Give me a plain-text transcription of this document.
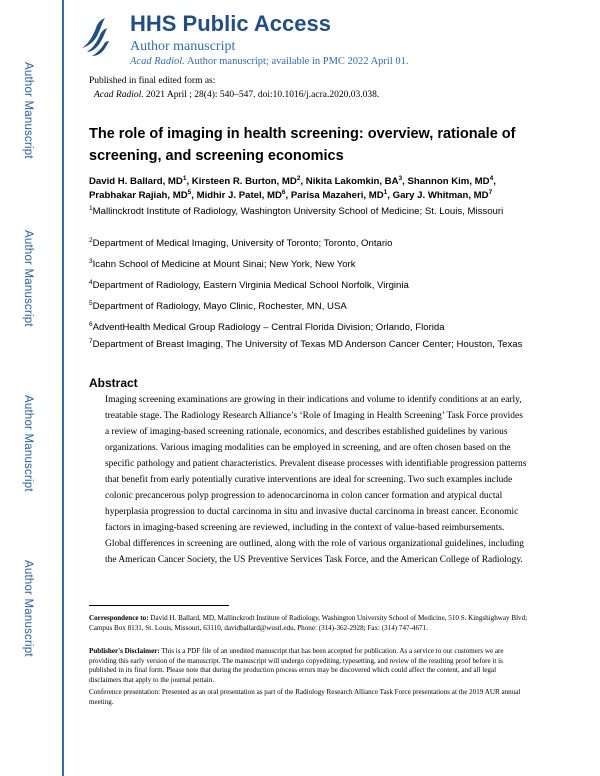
Author Manuscript
Author Manuscript
Author Manuscript
Author Manuscript
HHS Public Access
Author manuscript
Acad Radiol. Author manuscript; available in PMC 2022 April 01.
Published in final edited form as:
Acad Radiol. 2021 April ; 28(4): 540–547. doi:10.1016/j.acra.2020.03.038.
The role of imaging in health screening: overview, rationale of screening, and screening economics
David H. Ballard, $MD^1$, Kirsteen R. Burton, $MD^2$, Nikita Lakomkin, $BA^3$, Shannon Kim, $MD^4$, Prabhakar Rajiah, $MD^5$, Midhir J. Patel, $MD^6$, Parisa Mazaheri, $MD^1$, Gary J. Whitman, $MD^7$
$^1$Mallinckrodt Institute of Radiology, Washington University School of Medicine; St. Louis, Missouri
$^2$Department of Medical Imaging, University of Toronto; Toronto, Ontario
$^3$Icahn School of Medicine at Mount Sinai; New York, New York
$^4$Department of Radiology, Eastern Virginia Medical School Norfolk, Virginia
$^5$Department of Radiology, Mayo Clinic, Rochester, MN, USA
$^6$AdventHealth Medical Group Radiology – Central Florida Division; Orlando, Florida
$^7$Department of Breast Imaging, The University of Texas MD Anderson Cancer Center; Houston, Texas
Abstract
Imaging screening examinations are growing in their indications and volume to identify conditions at an early, treatable stage. The Radiology Research Alliance’s ‘Role of Imaging in Health Screening’ Task Force provides a review of imaging-based screening rationale, economics, and describes established guidelines by various organizations. Various imaging modalities can be employed in screening, and are often chosen based on the specific pathology and patient characteristics. Prevalent disease processes with identifiable progression patterns that benefit from early potentially curative interventions are ideal for screening. Two such examples include colonic precancerous polyp progression to adenocarcinoma in colon cancer formation and atypical ductal hyperplasia progression to ductal carcinoma in situ and invasive ductal carcinoma in breast cancer. Economic factors in imaging-based screening are reviewed, including in the context of value-based reimbursements. Global differences in screening are outlined, along with the role of various organizational guidelines, including the American Cancer Society, the US Preventive Services Task Force, and the American College of Radiology.
Correspondence to: David H. Ballard, MD, Mallinckrodt Institute of Radiology, Washington University School of Medicine, 510 S. Kingshighway Blvd; Campus Box 8131, St. Louis, Missouri, 63110, davidballard@wustl.edu, Phone: (314)-362-2928; Fax: (314) 747-4671.
Publisher's Disclaimer: This is a PDF file of an unedited manuscript that has been accepted for publication. As a service to our customers we are providing this early version of the manuscript. The manuscript will undergo copyediting, typesetting, and review of the resulting proof before it is published in its final form. Please note that during the production process errors may be discovered which could affect the content, and all legal disclaimers that apply to the journal pertain.
Conference presentation: Presented as an oral presentation as part of the Radiology Research Alliance Task Force presentations at the 2019 AUR annual meeting.
